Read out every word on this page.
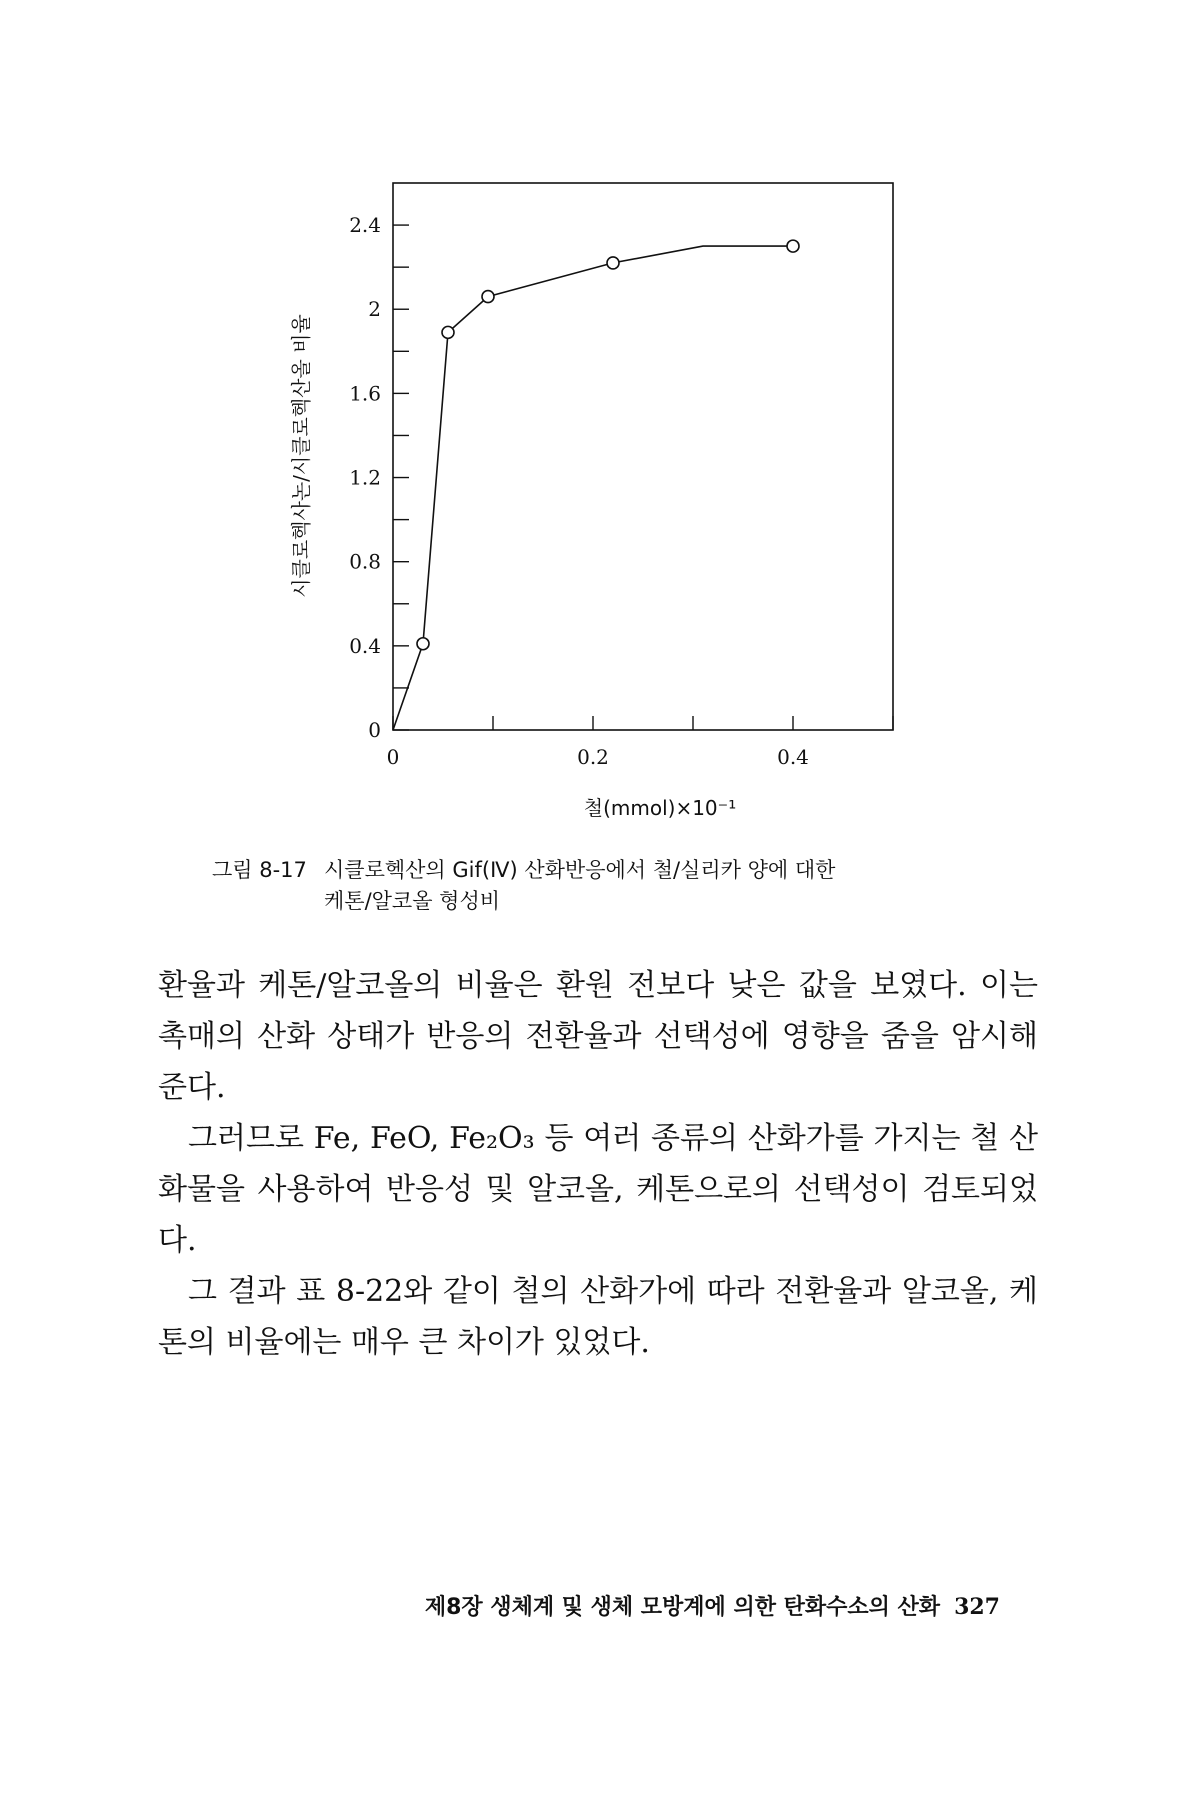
0
0.4
0.8
1.2
1.6
2
2.4
0	0.2	0.4
시클로헥사논/시클로헥산올 비율
철(mmol)×10⁻¹
그림 8-17 시클로헥산의 Gif(Ⅳ) 산화반응에서 철/실리카 양에 대한
케톤/알코올 형성비

환율과 케톤/알코올의 비율은 환원 전보다 낮은 값을 보였다. 이는 촉매의 산화 상태가 반응의 전환율과 선택성에 영향을 줌을 암시해 준다.

그러므로 Fe, FeO, Fe₂O₃ 등 여러 종류의 산화가를 가지는 철 산화물을 사용하여 반응성 및 알코올, 케톤으로의 선택성이 검토되었다.

그 결과 표 8-22와 같이 철의 산화가에 따라 전환율과 알코올, 케톤의 비율에는 매우 큰 차이가 있었다.

제8장 생체계 및 생체 모방계에 의한 탄화수소의 산화 327
